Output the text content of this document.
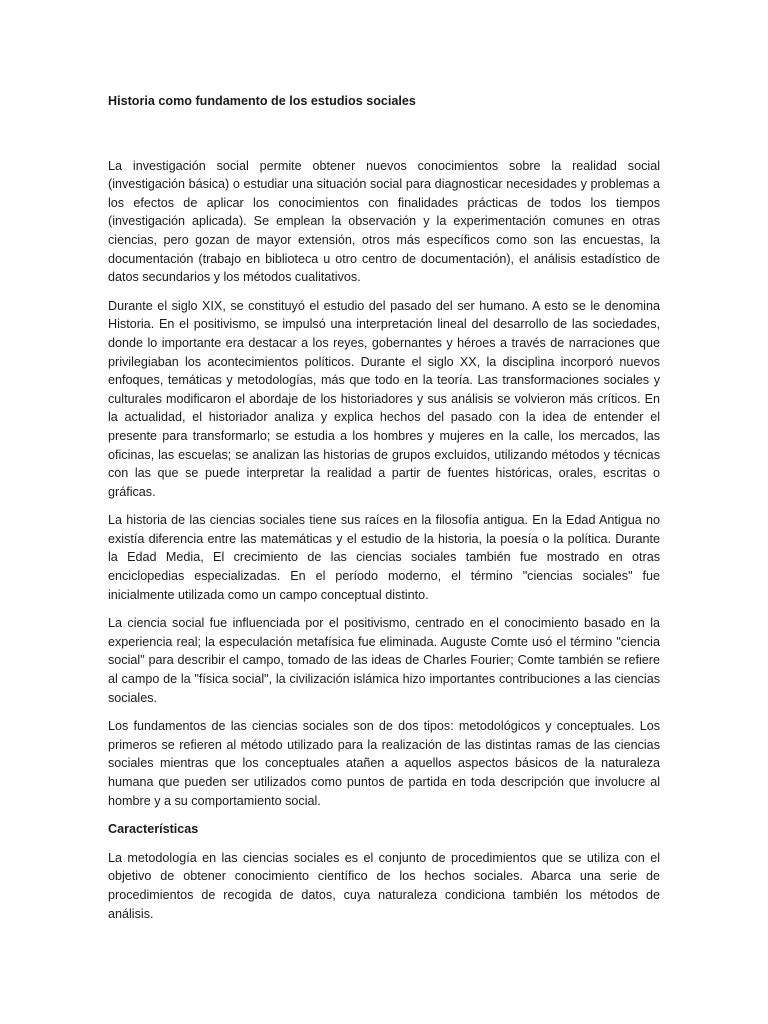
Historia como fundamento de los estudios sociales

La investigación social permite obtener nuevos conocimientos sobre la realidad social (investigación básica) o estudiar una situación social para diagnosticar necesidades y problemas a los efectos de aplicar los conocimientos con finalidades prácticas de todos los tiempos (investigación aplicada). Se emplean la observación y la experimentación comunes en otras ciencias, pero gozan de mayor extensión, otros más específicos como son las encuestas, la documentación (trabajo en biblioteca u otro centro de documentación), el análisis estadístico de datos secundarios y los métodos cualitativos.

Durante el siglo XIX, se constituyó el estudio del pasado del ser humano. A esto se le denomina Historia. En el positivismo, se impulsó una interpretación lineal del desarrollo de las sociedades, donde lo importante era destacar a los reyes, gobernantes y héroes a través de narraciones que privilegiaban los acontecimientos políticos. Durante el siglo XX, la disciplina incorporó nuevos enfoques, temáticas y metodologías, más que todo en la teoría. Las transformaciones sociales y culturales modificaron el abordaje de los historiadores y sus análisis se volvieron más críticos. En la actualidad, el historiador analiza y explica hechos del pasado con la idea de entender el presente para transformarlo; se estudia a los hombres y mujeres en la calle, los mercados, las oficinas, las escuelas; se analizan las historias de grupos excluidos, utilizando métodos y técnicas con las que se puede interpretar la realidad a partir de fuentes históricas, orales, escritas o gráficas.

La historia de las ciencias sociales tiene sus raíces en la filosofía antigua. En la Edad Antigua no existía diferencia entre las matemáticas y el estudio de la historia, la poesía o la política. Durante la Edad Media, El crecimiento de las ciencias sociales también fue mostrado en otras enciclopedias especializadas. En el período moderno, el término "ciencias sociales" fue inicialmente utilizada como un campo conceptual distinto.

La ciencia social fue influenciada por el positivismo, centrado en el conocimiento basado en la experiencia real; la especulación metafísica fue eliminada. Auguste Comte usó el término "ciencia social" para describir el campo, tomado de las ideas de Charles Fourier; Comte también se refiere al campo de la "física social", la civilización islámica hizo importantes contribuciones a las ciencias sociales.

Los fundamentos de las ciencias sociales son de dos tipos: metodológicos y conceptuales. Los primeros se refieren al método utilizado para la realización de las distintas ramas de las ciencias sociales mientras que los conceptuales atañen a aquellos aspectos básicos de la naturaleza humana que pueden ser utilizados como puntos de partida en toda descripción que involucre al hombre y a su comportamiento social.

Características

La metodología en las ciencias sociales es el conjunto de procedimientos que se utiliza con el objetivo de obtener conocimiento científico de los hechos sociales. Abarca una serie de procedimientos de recogida de datos, cuya naturaleza condiciona también los métodos de análisis.
